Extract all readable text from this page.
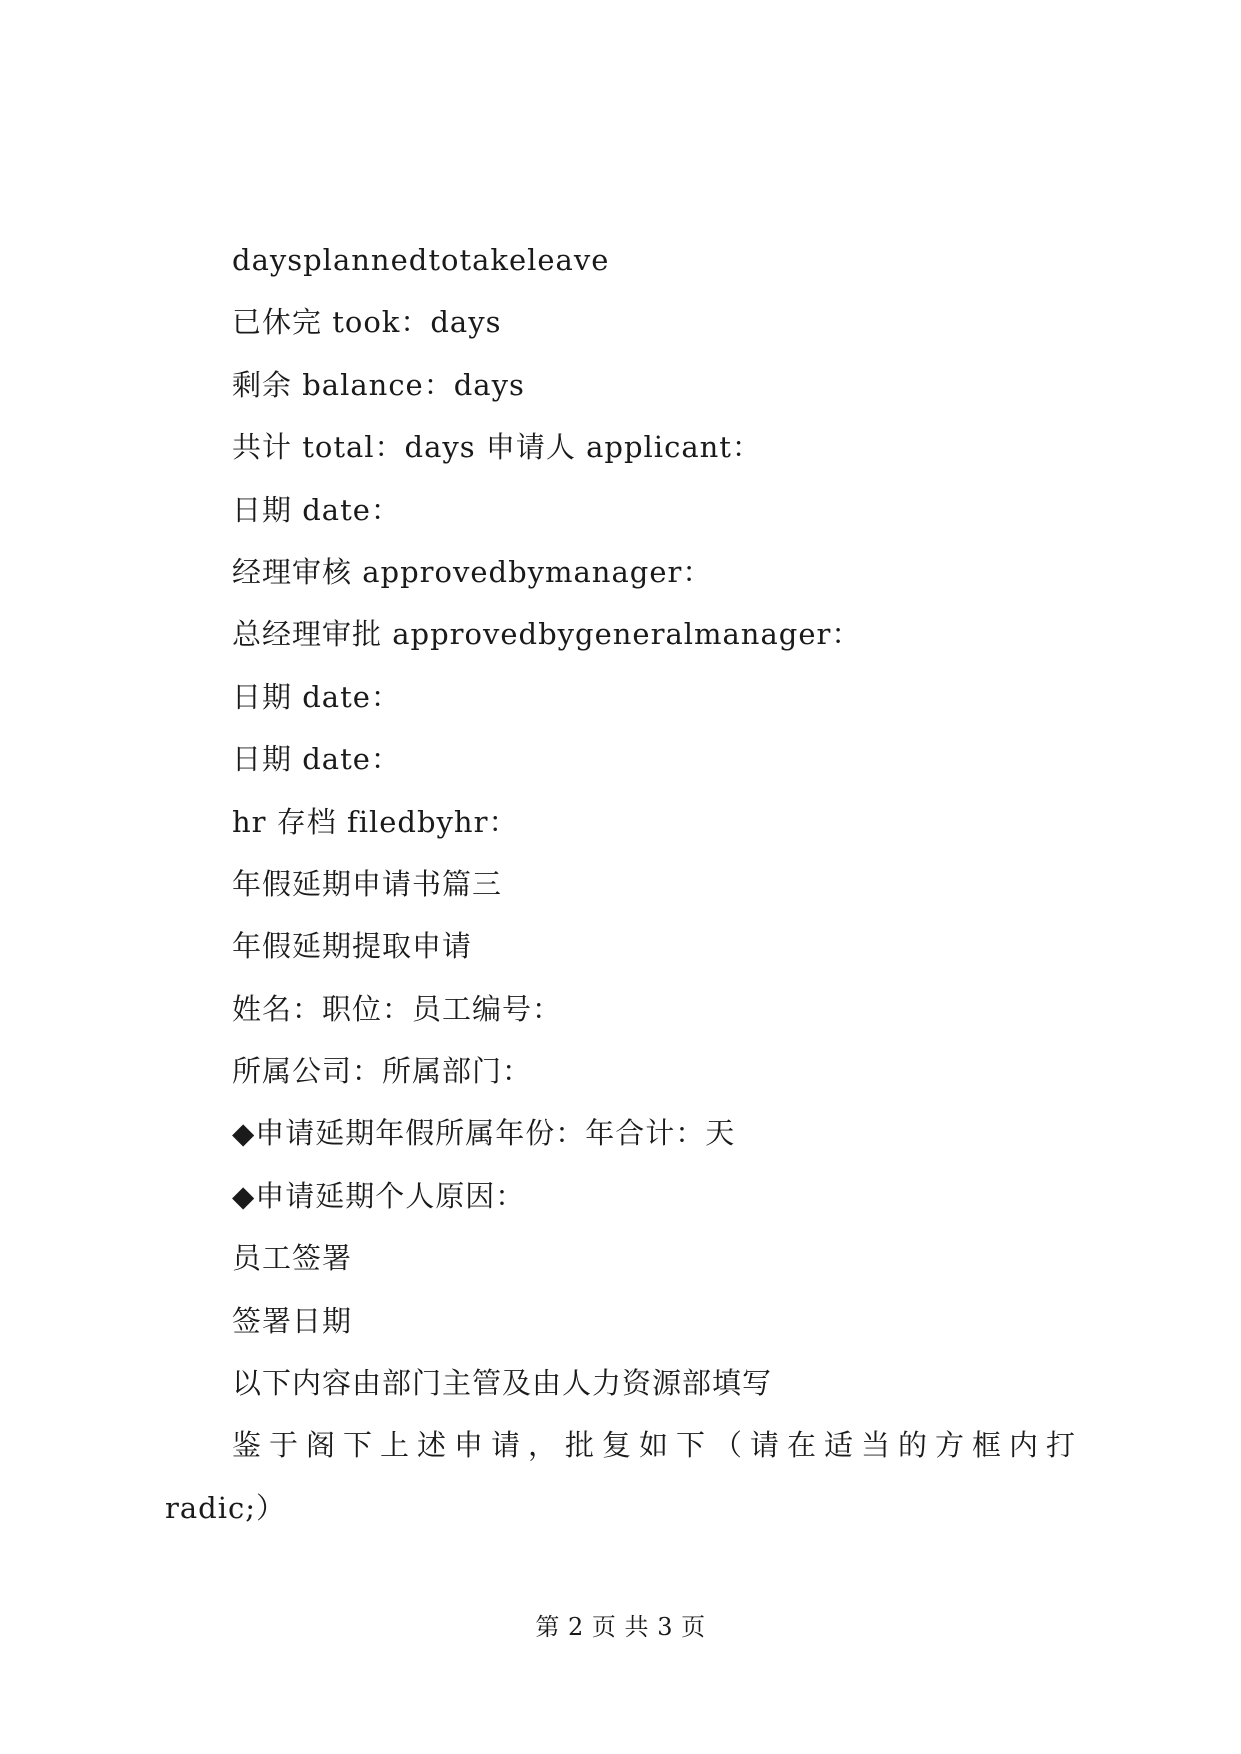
daysplannedtotakeleave
已休完 took：days
剩余 balance：days
共计 total：days 申请人 applicant：
日期 date：
经理审核 approvedbymanager：
总经理审批 approvedbygeneralmanager：
日期 date：
日期 date：
hr 存档 filedbyhr：
年假延期申请书篇三
年假延期提取申请
姓名：职位：员工编号：
所属公司：所属部门：
◆申请延期年假所属年份：年合计：天
◆申请延期个人原因：
员工签署
签署日期
以下内容由部门主管及由人力资源部填写
鉴于阁下上述申请，批复如下（请在适当的方框内打
radic;）
第 2 页 共 3 页
